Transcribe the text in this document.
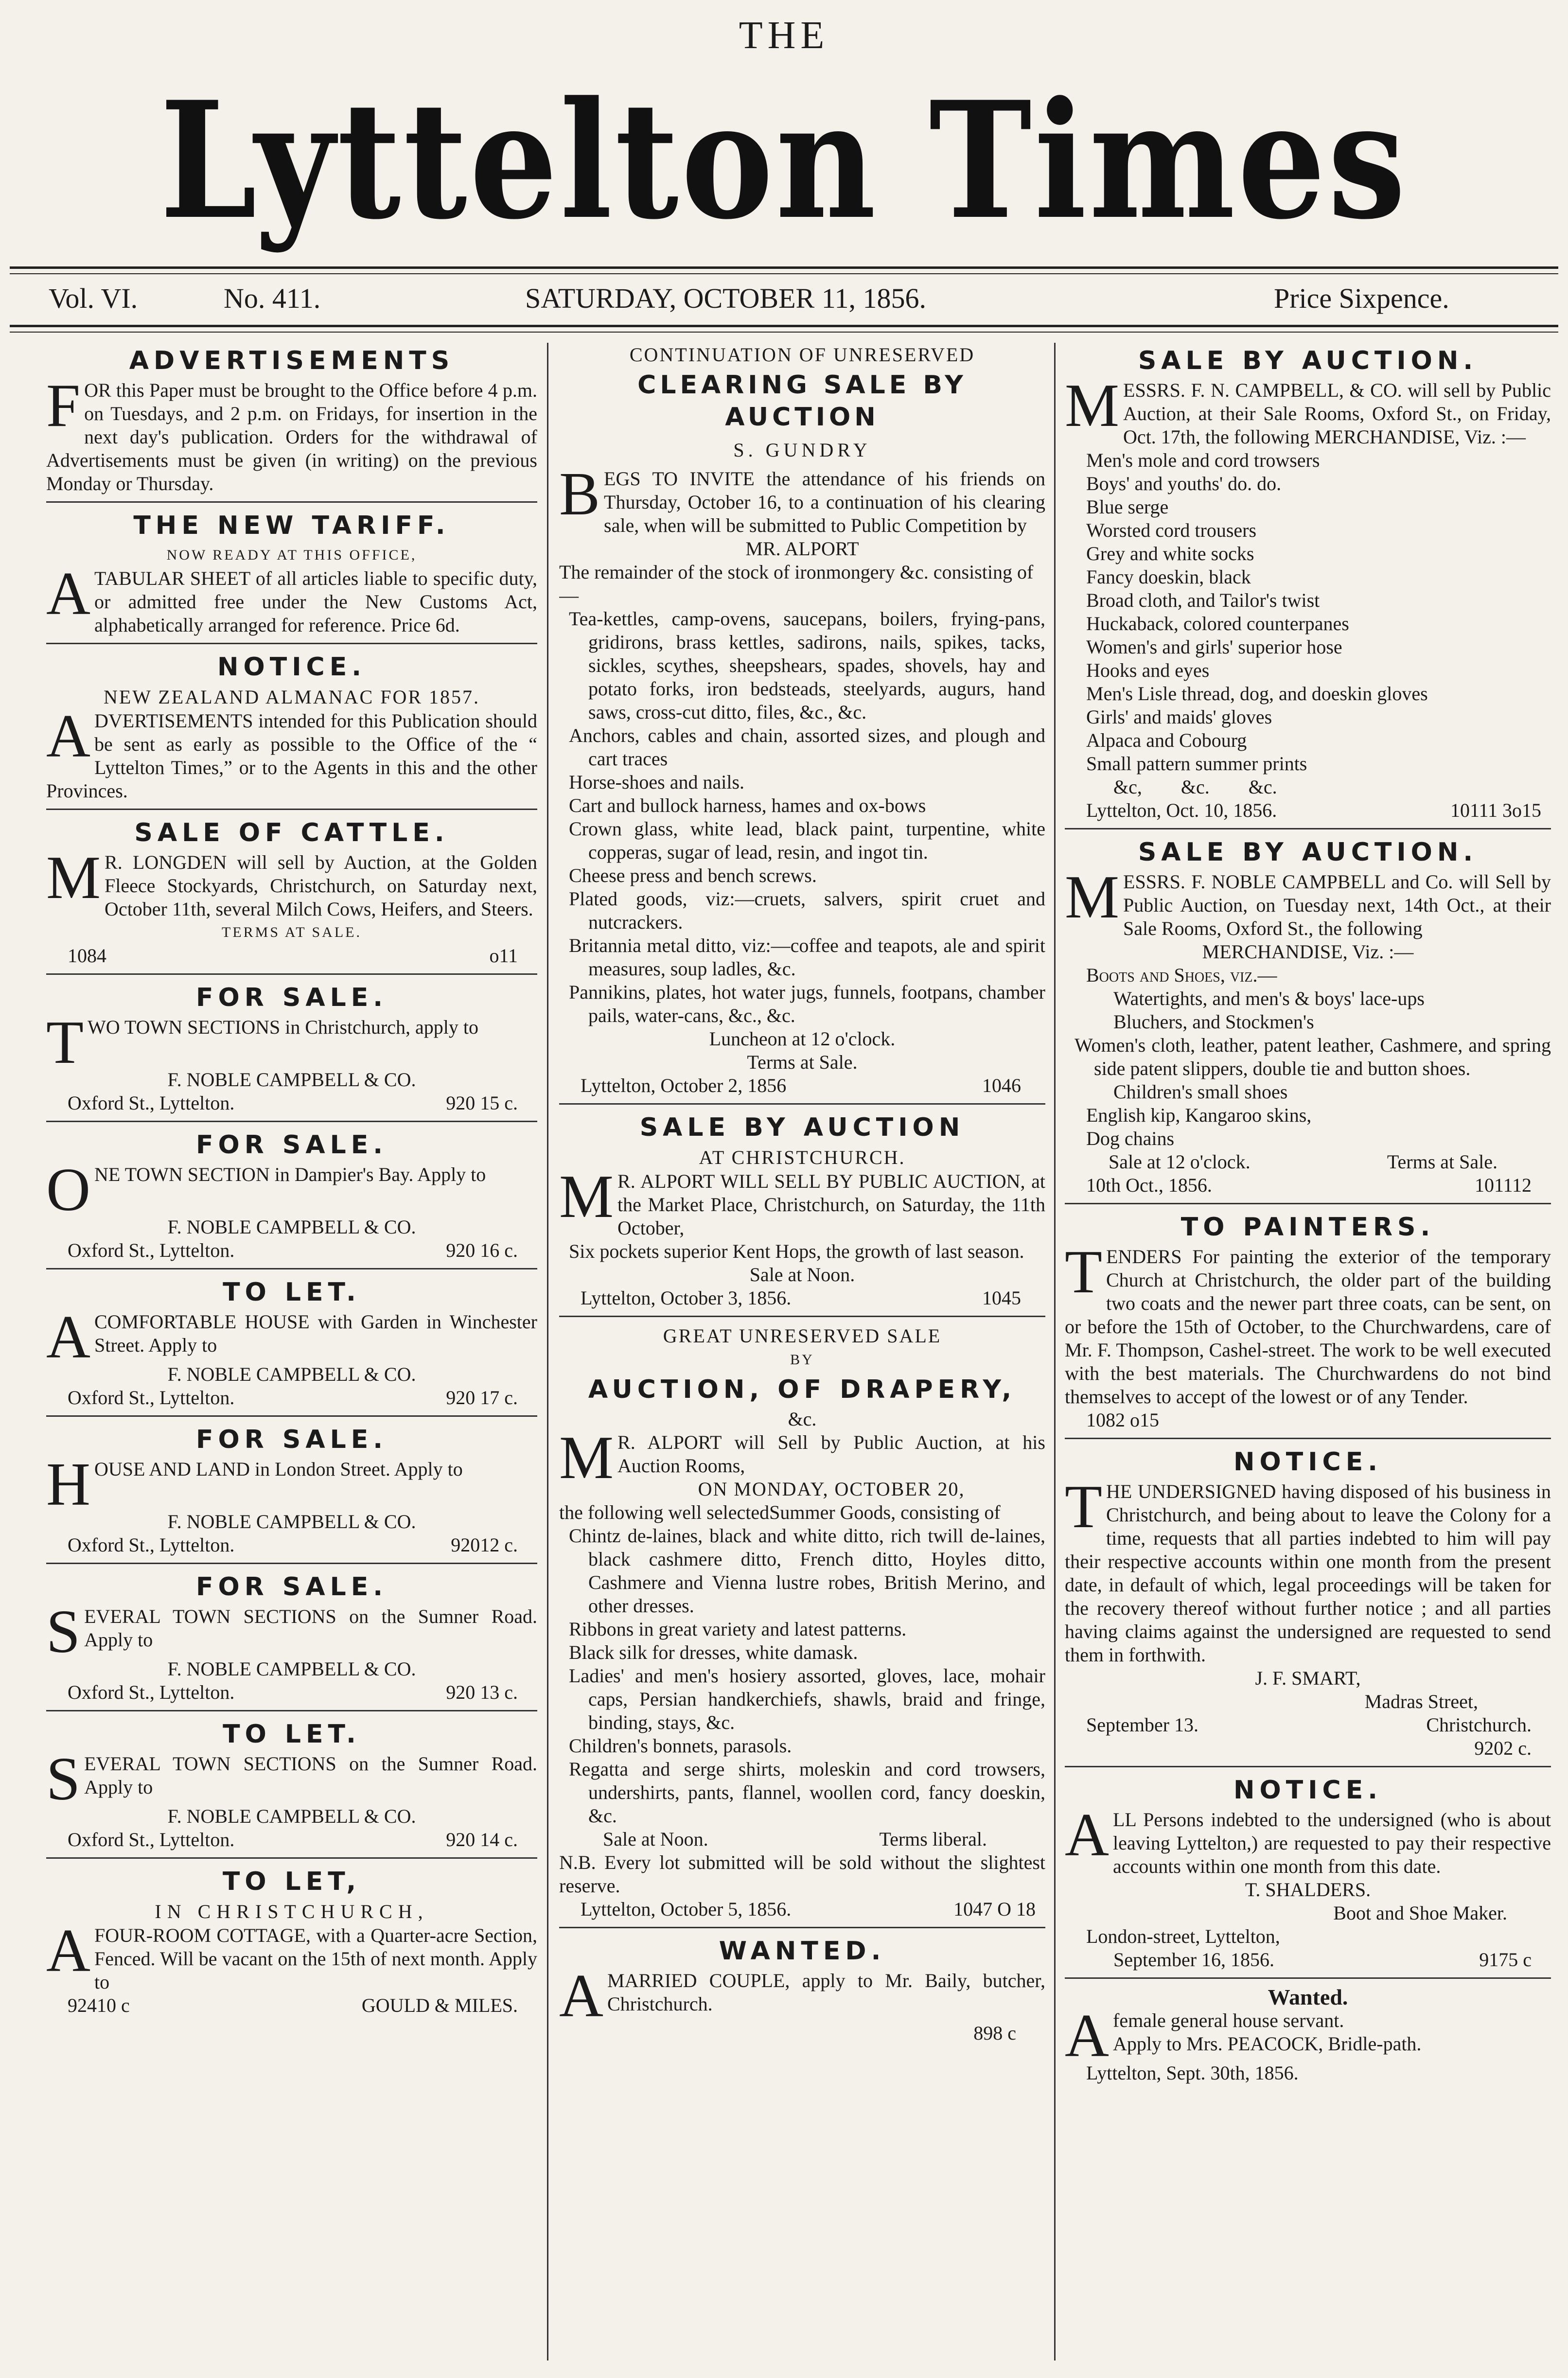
THE
Lyttelton Times
Vol. VI.	No. 411.	SATURDAY, OCTOBER 11, 1856.	Price Sixpence.
ADVERTISEMENTS

FOR this Paper must be brought to the Office before 4 p.m. on Tuesdays, and 2 p.m. on Fridays, for insertion in the next day's publication. Orders for the withdrawal of Advertisements must be given (in writing) on the previous Monday or Thursday.

THE NEW TARIFF.
NOW READY AT THIS OFFICE,

A TABULAR SHEET of all articles liable to specific duty, or admitted free under the New Customs Act, alphabetically arranged for reference. Price 6d.

NOTICE.
NEW ZEALAND ALMANAC FOR 1857.

ADVERTISEMENTS intended for this Publication should be sent as early as possible to the Office of the “ Lyttelton Times,” or to the Agents in this and the other Provinces.

SALE OF CATTLE.

M R. LONGDEN will sell by Auction, at the Golden Fleece Stockyards, Christchurch, on Saturday next, October 11th, several Milch Cows, Heifers, and Steers.

TERMS AT SALE.
1084	o11
FOR SALE.

TWO TOWN SECTIONS in Christchurch, apply to

F. NOBLE CAMPBELL & CO.
Oxford St., Lyttelton.	920 15 c.
FOR SALE.

ONE TOWN SECTION in Dampier's Bay. Apply to

F. NOBLE CAMPBELL & CO.
Oxford St., Lyttelton.	920 16 c.
TO LET.

A COMFORTABLE HOUSE with Garden in Winchester Street. Apply to

F. NOBLE CAMPBELL & CO.
Oxford St., Lyttelton.	920 17 c.
FOR SALE.

HOUSE AND LAND in London Street. Apply to

F. NOBLE CAMPBELL & CO.
Oxford St., Lyttelton.	92012 c.
FOR SALE.

SEVERAL TOWN SECTIONS on the Sumner Road. Apply to

F. NOBLE CAMPBELL & CO.
Oxford St., Lyttelton.	920 13 c.
TO LET.

SEVERAL TOWN SECTIONS on the Sumner Road. Apply to

F. NOBLE CAMPBELL & CO.
Oxford St., Lyttelton.	920 14 c.
TO LET,
IN CHRISTCHURCH,

A FOUR-ROOM COTTAGE, with a Quarter-acre Section, Fenced. Will be vacant on the 15th of next month. Apply to

92410 c	GOULD & MILES.
CONTINUATION OF UNRESERVED
CLEARING SALE BY AUCTION
S. GUNDRY

BEGS TO INVITE the attendance of his friends on Thursday, October 16, to a continuation of his clearing sale, when will be submitted to Public Competition by

MR. ALPORT
The remainder of the stock of ironmongery &c. consisting of—
Tea-kettles, camp-ovens, saucepans, boilers, frying-pans, gridirons, brass kettles, sadirons, nails, spikes, tacks, sickles, scythes, sheepshears, spades, shovels, hay and potato forks, iron bedsteads, steelyards, augurs, hand saws, cross-cut ditto, files, &c., &c.
Anchors, cables and chain, assorted sizes, and plough and cart traces
Horse-shoes and nails.
Cart and bullock harness, hames and ox-bows
Crown glass, white lead, black paint, turpentine, white copperas, sugar of lead, resin, and ingot tin.
Cheese press and bench screws.
Plated goods, viz:—cruets, salvers, spirit cruet and nutcrackers.
Britannia metal ditto, viz:—coffee and teapots, ale and spirit measures, soup ladles, &c.
Pannikins, plates, hot water jugs, funnels, footpans, chamber pails, water-cans, &c., &c.
Luncheon at 12 o'clock.
Terms at Sale.
Lyttelton, October 2, 1856	1046
SALE BY AUCTION
AT CHRISTCHURCH.

M R. ALPORT WILL SELL BY PUBLIC AUCTION, at the Market Place, Christchurch, on Saturday, the 11th October,

Six pockets superior Kent Hops, the growth of last season.
Sale at Noon.
Lyttelton, October 3, 1856.	1045
GREAT UNRESERVED SALE
BY
AUCTION, OF DRAPERY,
&c.

M R. ALPORT will Sell by Public Auction, at his Auction Rooms,

ON MONDAY, OCTOBER 20,
the following well selectedSummer Goods, consisting of
Chintz de-laines, black and white ditto, rich twill de-laines, black cashmere ditto, French ditto, Hoyles ditto, Cashmere and Vienna lustre robes, British Merino, and other dresses.
Ribbons in great variety and latest patterns.
Black silk for dresses, white damask.
Ladies' and men's hosiery assorted, gloves, lace, mohair caps, Persian handkerchiefs, shawls, braid and fringe, binding, stays, &c.
Children's bonnets, parasols.
Regatta and serge shirts, moleskin and cord trowsers, undershirts, pants, flannel, woollen cord, fancy doeskin, &c.
Sale at Noon.	Terms liberal.
N.B. Every lot submitted will be sold without the slightest reserve.
Lyttelton, October 5, 1856.	1047 O 18
WANTED.

A MARRIED COUPLE, apply to Mr. Baily, butcher, Christchurch.

898 c
SALE BY AUCTION.

MESSRS. F. N. CAMPBELL, & CO. will sell by Public Auction, at their Sale Rooms, Oxford St., on Friday, Oct. 17th, the following MERCHANDISE, Viz. :—

Men's mole and cord trowsers
Boys' and youths' do. do.
Blue serge
Worsted cord trousers
Grey and white socks
Fancy doeskin, black
Broad cloth, and Tailor's twist
Huckaback, colored counterpanes
Women's and girls' superior hose
Hooks and eyes
Men's Lisle thread, dog, and doeskin gloves
Girls' and maids' gloves
Alpaca and Cobourg
Small pattern summer prints
&c,        &c.        &c.
Lyttelton, Oct. 10, 1856.	10111 3o15
SALE BY AUCTION.

MESSRS. F. NOBLE CAMPBELL and Co. will Sell by Public Auction, on Tuesday next, 14th Oct., at their Sale Rooms, Oxford St., the following

MERCHANDISE, Viz. :—
Boots and Shoes, viz.—
Watertights, and men's & boys' lace-ups
Bluchers, and Stockmen's
Women's cloth, leather, patent leather, Cashmere, and spring side patent slippers, double tie and button shoes.
Children's small shoes
English kip, Kangaroo skins,
Dog chains
Sale at 12 o'clock.	Terms at Sale.
10th Oct., 1856.	101112
TO PAINTERS.

TENDERS For painting the exterior of the temporary Church at Christchurch, the older part of the building two coats and the newer part three coats, can be sent, on or before the 15th of October, to the Churchwardens, care of Mr. F. Thompson, Cashel-street. The work to be well executed with the best materials. The Churchwardens do not bind themselves to accept of the lowest or of any Tender.

1082 o15
NOTICE.

THE UNDERSIGNED having disposed of his business in Christchurch, and being about to leave the Colony for a time, requests that all parties indebted to him will pay their respective accounts within one month from the present date, in default of which, legal proceedings will be taken for the recovery thereof without further notice ; and all parties having claims against the undersigned are requested to send them in forthwith.

J. F. SMART,
Madras Street,
September 13.	Christchurch.
9202 c.
NOTICE.

ALL Persons indebted to the undersigned (who is about leaving Lyttelton,) are requested to pay their respective accounts within one month from this date.

T. SHALDERS.
Boot and Shoe Maker.
London-street, Lyttelton,
September 16, 1856.	9175 c
Wanted.

A female general house servant.
Apply to Mrs. PEACOCK, Bridle-path.

Lyttelton, Sept. 30th, 1856.
